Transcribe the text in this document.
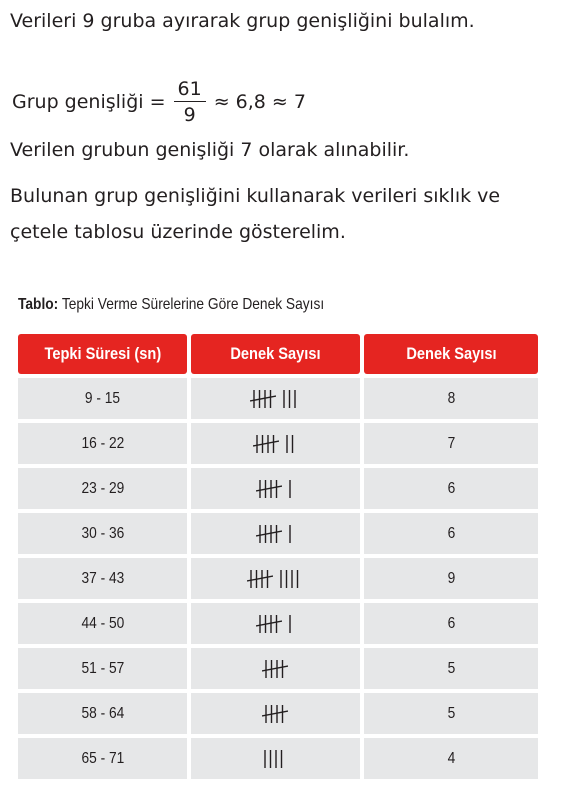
Verileri 9 gruba ayırarak grup genişliğini bulalım.
Grup genişliği = $\frac{61}{9} \approx 6,8 \approx 7$
Verilen grubun genişliği 7 olarak alınabilir.
Bulunan grup genişliğini kullanarak verileri sıklık ve
çetele tablosu üzerinde gösterelim.
Tablo: Tepki Verme Sürelerine Göre Denek Sayısı
Tepki Süresi (sn)	Denek Sayısı	Denek Sayısı
9 - 15		8
16 - 22		7
23 - 29		6
30 - 36		6
37 - 43		9
44 - 50		6
51 - 57		5
58 - 64		5
65 - 71		4
